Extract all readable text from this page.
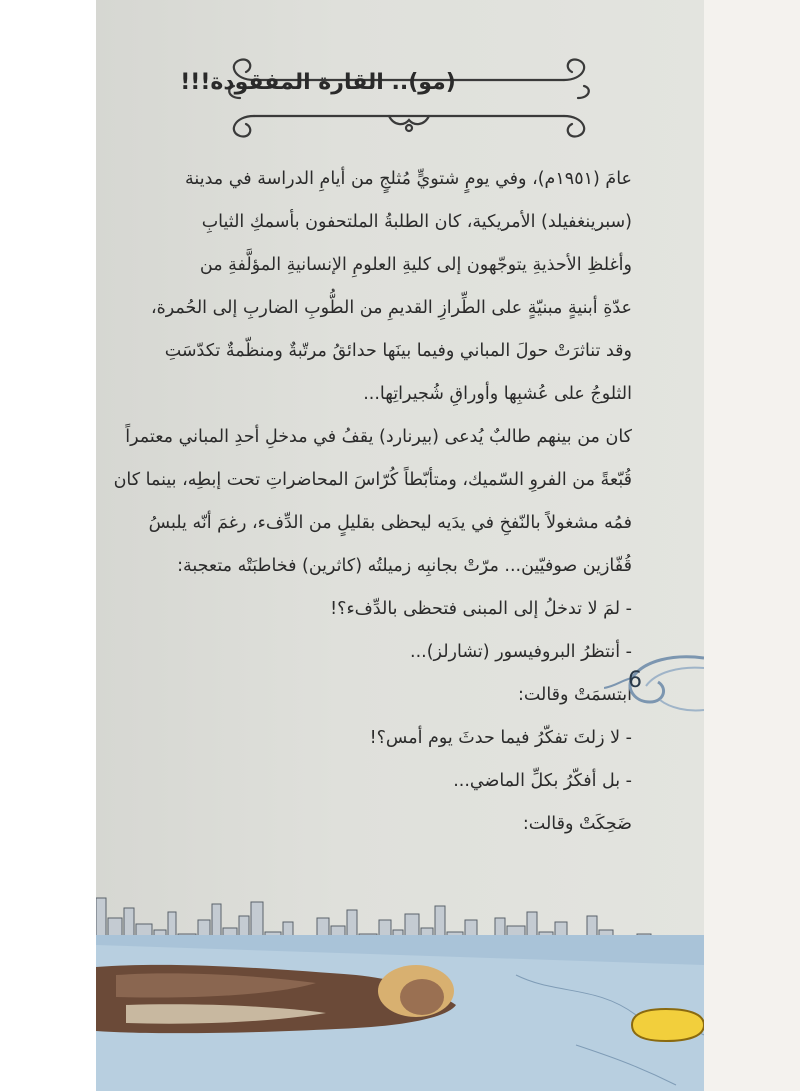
(مو).. القارة المفقودة!!!
عامَ (١٩٥١م)، وفي يومٍ شتويٍّ مُثلجٍ من أيامِ الدراسة في مدينة
(سبرينغفيلد) الأمريكية، كان الطلبةُ الملتحفون بأسمكِ الثيابِ
وأغلظِ الأحذيةِ يتوجّهون إلى كليةِ العلومِ الإنسانيةِ المؤلَّفةِ من
عدّةِ أبنيةٍ مبنيّةٍ على الطِّرازِ القديمِ من الطُّوبِ الضاربِ إلى الحُمرة،
وقد تناثرَتْ حولَ المباني وفيما بينَها حدائقُ مرتّبةٌ ومنظّمةٌ تكدّسَتِ
الثلوجُ على عُشبِها وأوراقِ شُجيراتِها...
كان من بينهم طالبٌ يُدعى (بيرنارد) يقفُ في مدخلِ أحدِ المباني معتمراً
قُبّعةً من الفروِ السّميك، ومتأبّطاً كُرّاسَ المحاضراتِ تحت إبطِه، بينما كان
فمُه مشغولاً بالنّفخِ في يدَيه ليحظى بقليلٍ من الدِّفء، رغمَ أنّه يلبسُ
قُفّازين صوفيّين... مرّتْ بجانبِه زميلتُه (كاثرين) فخاطبَتْه متعجبة:
- لمَ لا تدخلُ إلى المبنى فتحظى بالدِّفء؟!
- أنتظرُ البروفيسور (تشارلز)...
ابتسمَتْ وقالت:
- لا زلتَ تفكّرُ فيما حدثَ يوم أمس؟!
- بل أفكّرُ بكلِّ الماضي...
ضَحِكَتْ وقالت:
6
